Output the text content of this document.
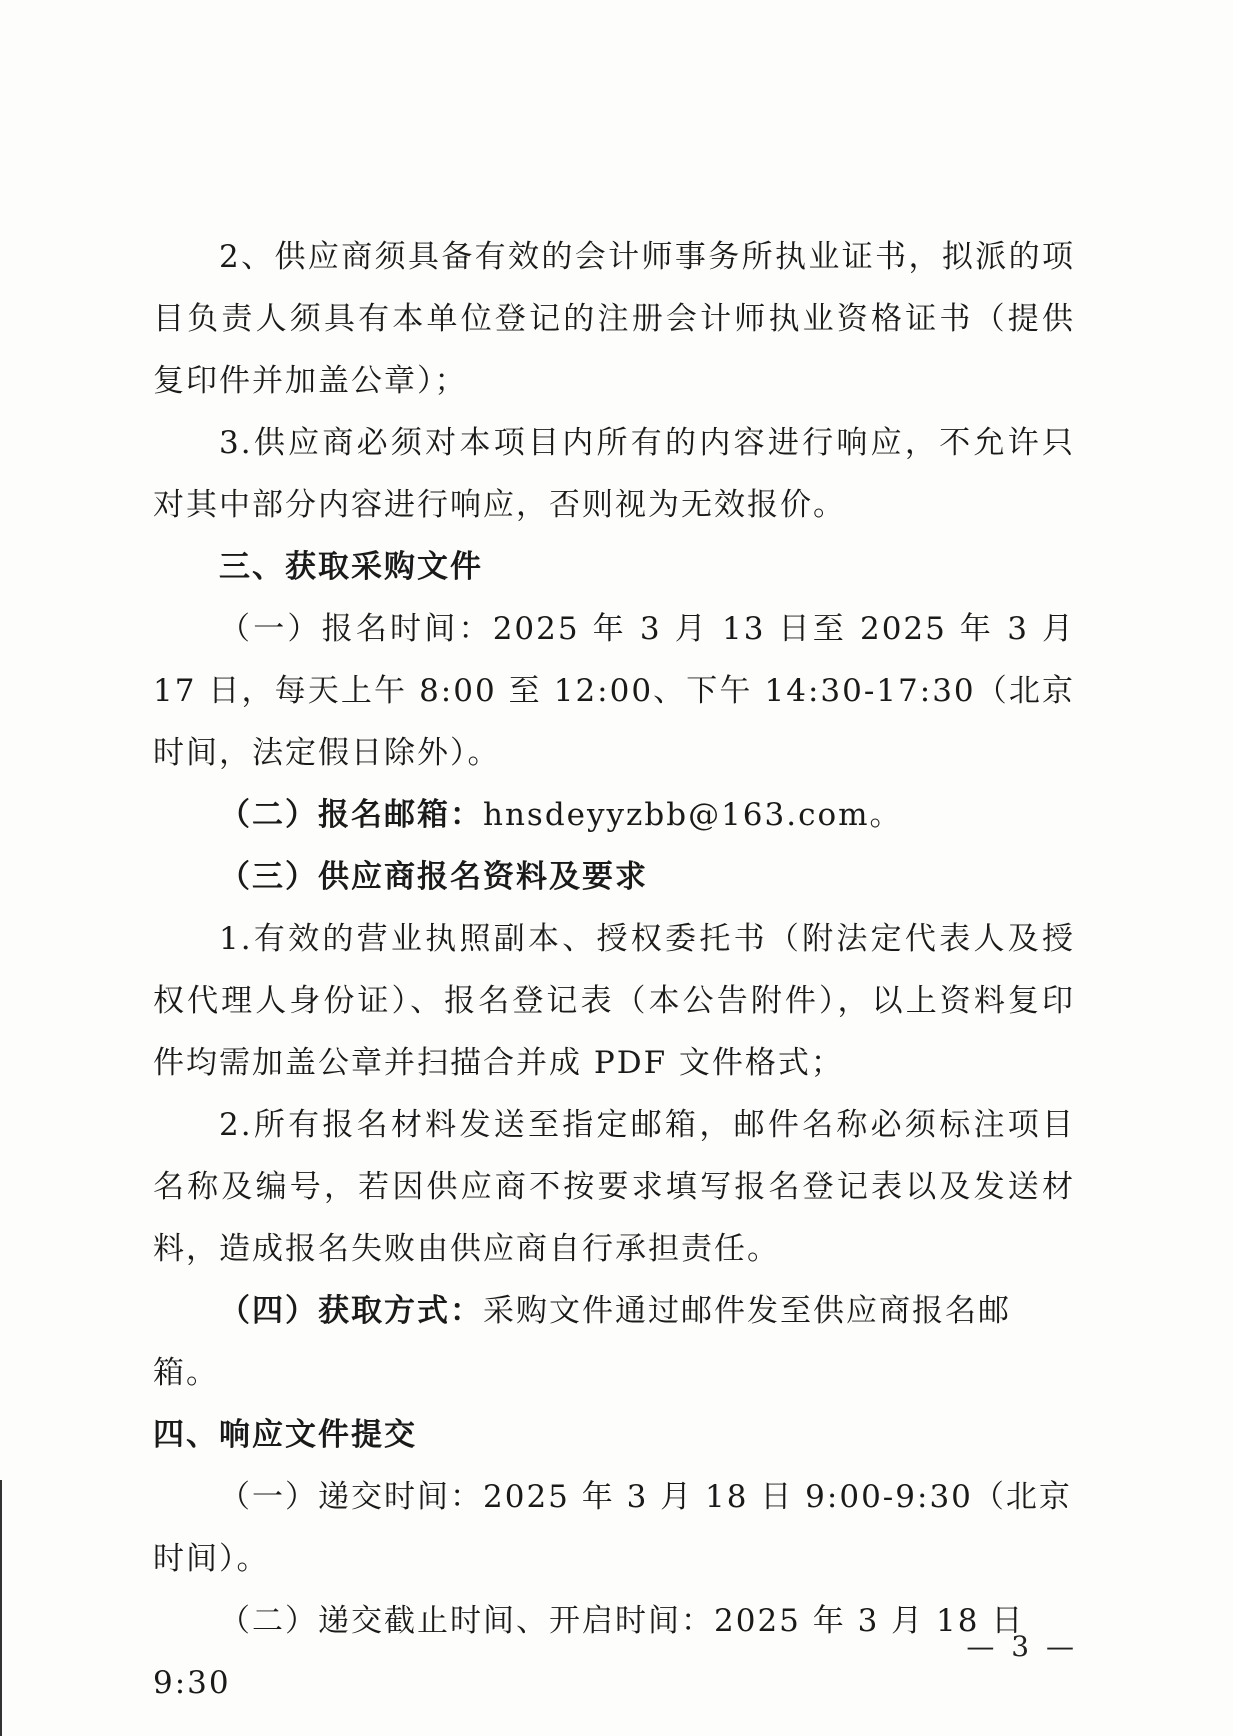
2、供应商须具备有效的会计师事务所执业证书，拟派的项目负责人须具有本单位登记的注册会计师执业资格证书（提供复印件并加盖公章）；

3.供应商必须对本项目内所有的内容进行响应，不允许只对其中部分内容进行响应，否则视为无效报价。

三、获取采购文件

（一）报名时间：2025 年 3 月 13 日至 2025 年 3 月 17 日，每天上午 8:00 至 12:00、下午 14:30-17:30（北京时间，法定假日除外）。

（二）报名邮箱：hnsdeyyzbb@163.com。

（三）供应商报名资料及要求

1.有效的营业执照副本、授权委托书（附法定代表人及授权代理人身份证）、报名登记表（本公告附件），以上资料复印件均需加盖公章并扫描合并成 PDF 文件格式；

2.所有报名材料发送至指定邮箱，邮件名称必须标注项目名称及编号，若因供应商不按要求填写报名登记表以及发送材料，造成报名失败由供应商自行承担责任。

（四）获取方式：采购文件通过邮件发至供应商报名邮箱。

四、响应文件提交

（一）递交时间：2025 年 3 月 18 日 9:00-9:30（北京时间）。

（二）递交截止时间、开启时间：2025 年 3 月 18 日 9:30

— 3 —
